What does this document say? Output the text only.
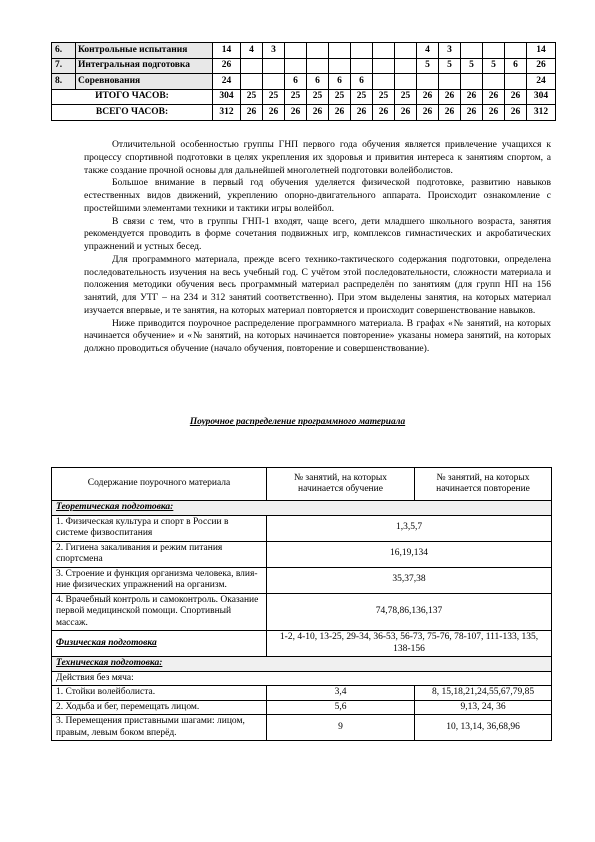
6.	Контрольные испытания	14	4	3							4	3				14
7.	Интегральная подготовка	26									5	5	5	5	6	26
8.	Соревнования	24			6	6	6	6								24
ИТОГО ЧАСОВ:		304	25	25	25	25	25	25	25	25	26	26	26	26	26	304
ВСЕГО ЧАСОВ:		312	26	26	26	26	26	26	26	26	26	26	26	26	26	312

Отличительной особенностью группы ГНП первого года обучения является привлечение учащихся к процессу спортивной подготовки в целях укрепления их здоровья и привития интереса к занятиям спортом, а также создание прочной основы для дальнейшей многолетней подготовки волейболистов.

Большое внимание в первый год обучения уделяется физической подготовке, развитию навыков естественных видов движений, укреплению опорно-двигательного аппарата. Происходит ознакомление с простейшими элементами техники и тактики игры волейбол.

В связи с тем, что в группы ГНП-1 входят, чаще всего, дети младшего школьного возраста, занятия рекомендуется проводить в форме сочетания подвижных игр, комплексов гимнастических и акробатических упражнений и устных бесед.

Для программного материала, прежде всего технико-тактического содержания подготовки, определена последовательность изучения на весь учебный год. С учётом этой последовательности, сложности материала и положения методики обучения весь программный материал распределён по занятиям (для групп НП на 156 занятий, для УТГ – на 234 и 312 занятий соответственно). При этом выделены занятия, на которых материал изучается впервые, и те занятия, на которых материал повторяется и происходит совершенствование навыков.

Ниже приводится поурочное распределение программного материала. В графах «№ занятий, на которых начинается обучение» и «№ занятий, на которых начинается повторение» указаны номера занятий, на которых должно проводиться обучение (начало обучения, повторение и совершенствование).

Поурочное распределение программного материала
Содержание поурочного материала	№ занятий, на которых начинается обучение	№ занятий, на которых начинается повторение
Теоретическая подготовка:		
1. Физическая культура и спорт в России в системе физвоспитания	1,3,5,7	
2. Гигиена закаливания и режим питания спортсмена	16,19,134	
3. Строение и функция организма человека, влия-ние физических упражнений на организм.	35,37,38	
4. Врачебный контроль и самоконтроль. Оказание первой медицинской помощи. Спортивный массаж.	74,78,86,136,137	
Физическая подготовка	1-2, 4-10, 13-25, 29-34, 36-53, 56-73, 75-76, 78-107, 111-133, 135, 138-156	
Техническая подготовка:		
Действия без мяча:		
1. Стойки волейболиста.	3,4	8, 15,18,21,24,55,67,79,85
2. Ходьба и бег, перемещать лицом.	5,6	9,13, 24, 36
3. Перемещения приставными шагами: лицом, правым, левым боком вперёд.	9	10, 13,14, 36,68,96
